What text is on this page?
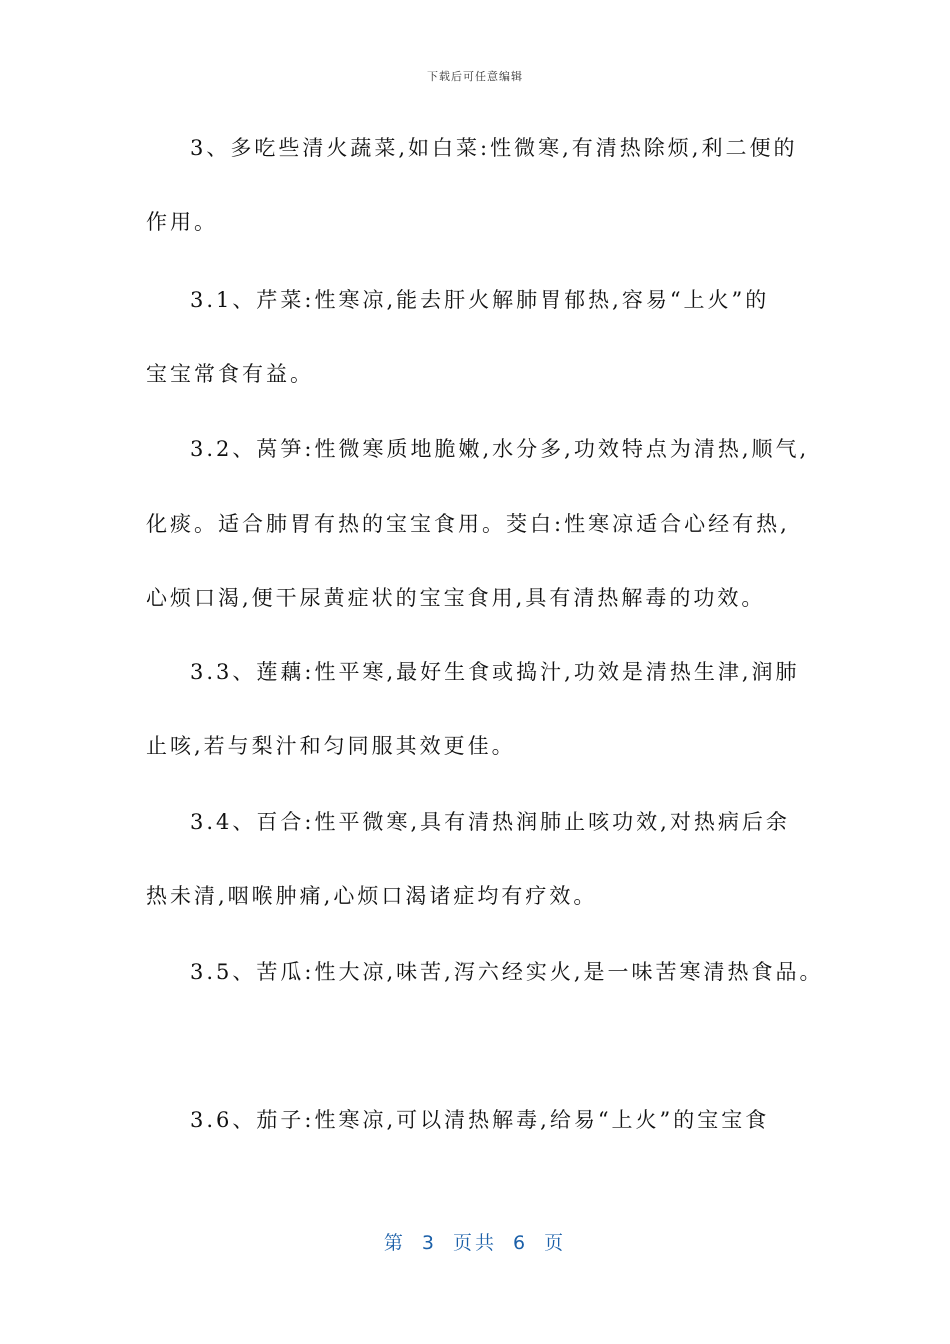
下载后可任意编辑
3、多吃些清火蔬菜,如白菜:性微寒,有清热除烦,利二便的
作用。
3.1、芹菜:性寒凉,能去肝火解肺胃郁热,容易“上火”的
宝宝常食有益。
3.2、莴笋:性微寒质地脆嫩,水分多,功效特点为清热,顺气,
化痰。适合肺胃有热的宝宝食用。茭白:性寒凉适合心经有热,
心烦口渴,便干尿黄症状的宝宝食用,具有清热解毒的功效。
3.3、莲藕:性平寒,最好生食或捣汁,功效是清热生津,润肺
止咳,若与梨汁和匀同服其效更佳。
3.4、百合:性平微寒,具有清热润肺止咳功效,对热病后余
热未清,咽喉肿痛,心烦口渴诸症均有疗效。
3.5、苦瓜:性大凉,味苦,泻六经实火,是一味苦寒清热食品。
3.6、茄子:性寒凉,可以清热解毒,给易“上火”的宝宝食
第 3 页共 6 页
